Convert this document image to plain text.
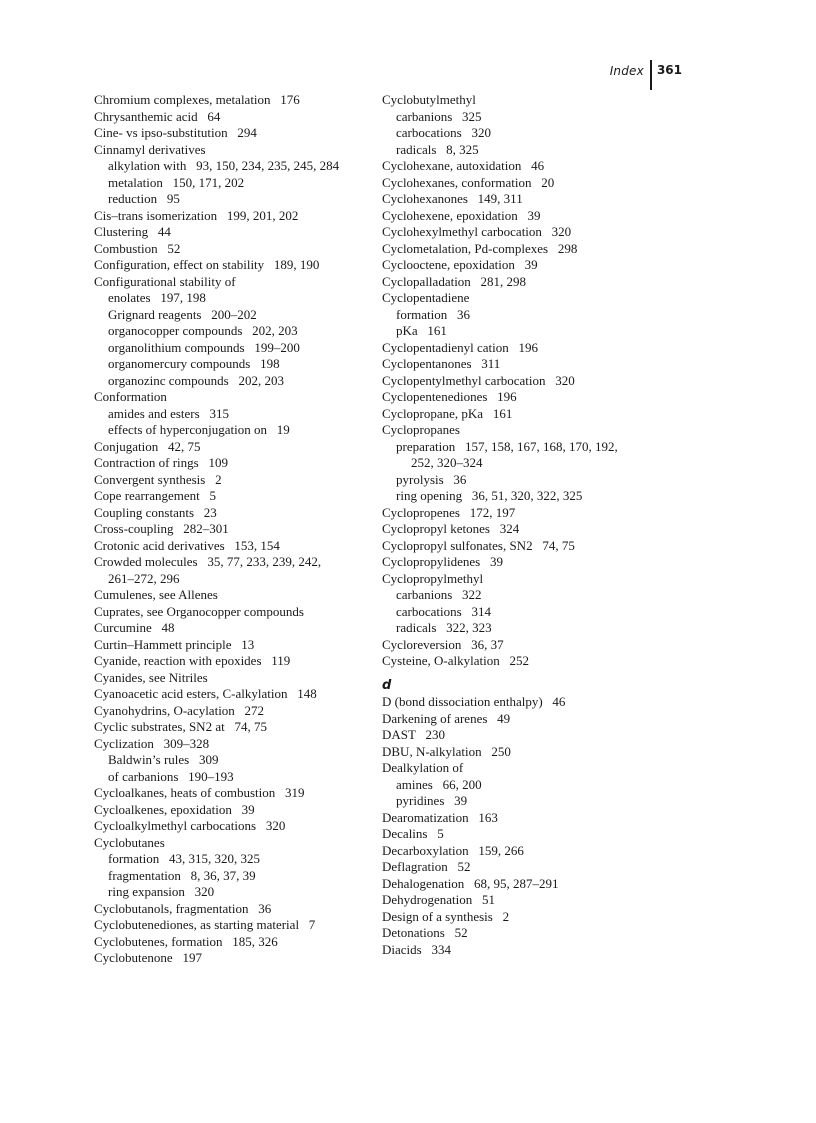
Index 361
Chromium complexes, metalation   176
Chrysanthemic acid   64
Cine- vs ipso-substitution   294
Cinnamyl derivatives
alkylation with   93, 150, 234, 235, 245, 284
metalation   150, 171, 202
reduction   95
Cis–trans isomerization   199, 201, 202
Clustering   44
Combustion   52
Configuration, effect on stability   189, 190
Configurational stability of
enolates   197, 198
Grignard reagents   200–202
organocopper compounds   202, 203
organolithium compounds   199–200
organomercury compounds   198
organozinc compounds   202, 203
Conformation
amides and esters   315
effects of hyperconjugation on   19
Conjugation   42, 75
Contraction of rings   109
Convergent synthesis   2
Cope rearrangement   5
Coupling constants   23
Cross-coupling   282–301
Crotonic acid derivatives   153, 154
Crowded molecules   35, 77, 233, 239, 242,
261–272, 296
Cumulenes, see Allenes
Cuprates, see Organocopper compounds
Curcumine   48
Curtin–Hammett principle   13
Cyanide, reaction with epoxides   119
Cyanides, see Nitriles
Cyanoacetic acid esters, C-alkylation   148
Cyanohydrins, O-acylation   272
Cyclic substrates, SN2 at   74, 75
Cyclization   309–328
Baldwin’s rules   309
of carbanions   190–193
Cycloalkanes, heats of combustion   319
Cycloalkenes, epoxidation   39
Cycloalkylmethyl carbocations   320
Cyclobutanes
formation   43, 315, 320, 325
fragmentation   8, 36, 37, 39
ring expansion   320
Cyclobutanols, fragmentation   36
Cyclobutenediones, as starting material   7
Cyclobutenes, formation   185, 326
Cyclobutenone   197
Cyclobutylmethyl
carbanions   325
carbocations   320
radicals   8, 325
Cyclohexane, autoxidation   46
Cyclohexanes, conformation   20
Cyclohexanones   149, 311
Cyclohexene, epoxidation   39
Cyclohexylmethyl carbocation   320
Cyclometalation, Pd-complexes   298
Cyclooctene, epoxidation   39
Cyclopalladation   281, 298
Cyclopentadiene
formation   36
pKa   161
Cyclopentadienyl cation   196
Cyclopentanones   311
Cyclopentylmethyl carbocation   320
Cyclopentenediones   196
Cyclopropane, pKa   161
Cyclopropanes
preparation   157, 158, 167, 168, 170, 192,
252, 320–324
pyrolysis   36
ring opening   36, 51, 320, 322, 325
Cyclopropenes   172, 197
Cyclopropyl ketones   324
Cyclopropyl sulfonates, SN2   74, 75
Cyclopropylidenes   39
Cyclopropylmethyl
carbanions   322
carbocations   314
radicals   322, 323
Cycloreversion   36, 37
Cysteine, O-alkylation   252
d
D (bond dissociation enthalpy)   46
Darkening of arenes   49
DAST   230
DBU, N-alkylation   250
Dealkylation of
amines   66, 200
pyridines   39
Dearomatization   163
Decalins   5
Decarboxylation   159, 266
Deflagration   52
Dehalogenation   68, 95, 287–291
Dehydrogenation   51
Design of a synthesis   2
Detonations   52
Diacids   334
